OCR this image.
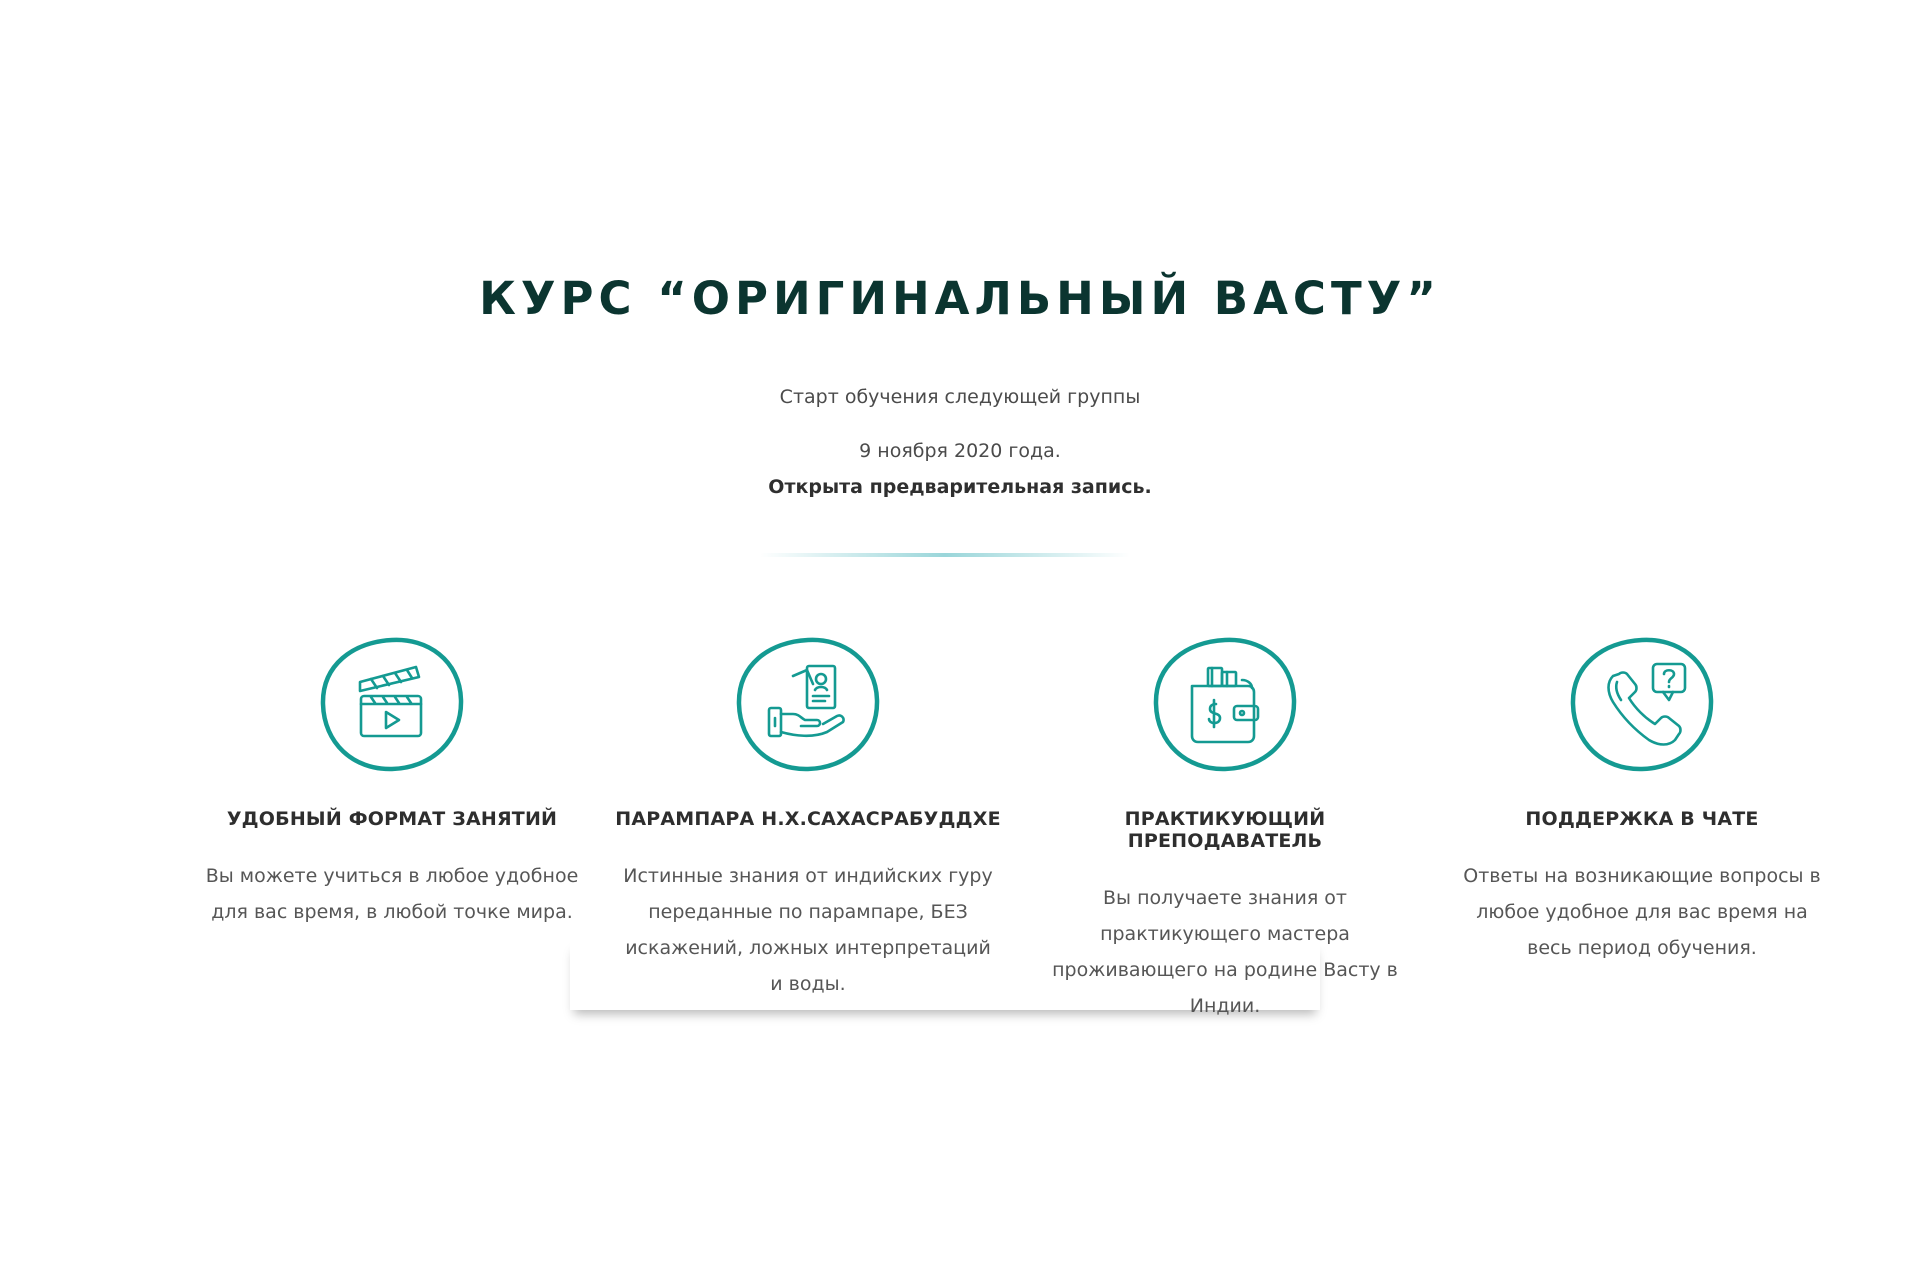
КУРС “ОРИГИНАЛЬНЫЙ ВАСТУ”
Старт обучения следующей группы
9 ноября 2020 года.
Открыта предварительная запись.
УДОБНЫЙ ФОРМАТ ЗАНЯТИЙ
Вы можете учиться в любое удобное для вас время, в любой точке мира.
ПАРАМПАРА Н.Х.САХАСРАБУДДХЕ
Истинные знания от индийских гуру переданные по парампаре, БЕЗ искажений, ложных интерпретаций и воды.
ПРАКТИКУЮЩИЙ ПРЕПОДАВАТЕЛЬ
Вы получаете знания от практикующего мастера проживающего на родине Васту в Индии.
ПОДДЕРЖКА В ЧАТЕ
Ответы на возникающие вопросы в любое удобное для вас время на весь период обучения.
